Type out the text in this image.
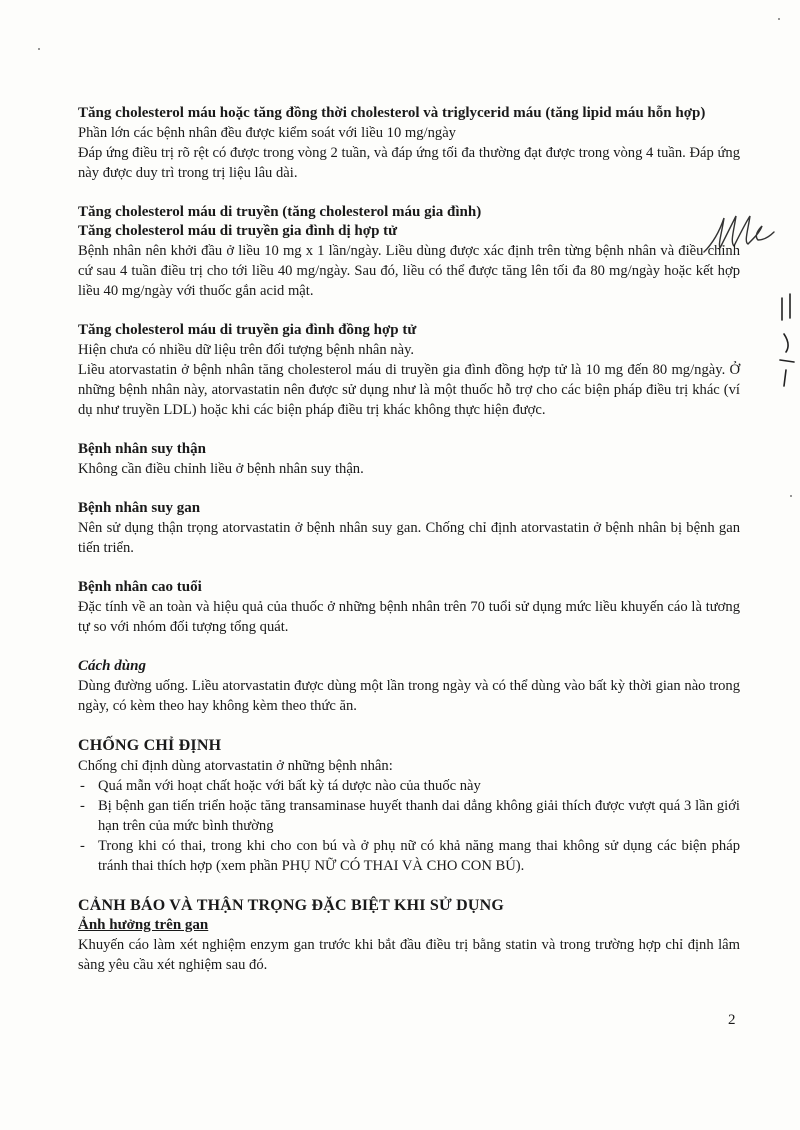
Tăng cholesterol máu hoặc tăng đồng thời cholesterol và triglycerid máu (tăng lipid máu hỗn hợp)

Phần lớn các bệnh nhân đều được kiểm soát với liều 10 mg/ngày

Đáp ứng điều trị rõ rệt có được trong vòng 2 tuần, và đáp ứng tối đa thường đạt được trong vòng 4 tuần. Đáp ứng này được duy trì trong trị liệu lâu dài.

Tăng cholesterol máu di truyền (tăng cholesterol máu gia đình)

Tăng cholesterol máu di truyền gia đình dị hợp tử

Bệnh nhân nên khởi đầu ở liều 10 mg x 1 lần/ngày. Liều dùng được xác định trên từng bệnh nhân và điều chỉnh cứ sau 4 tuần điều trị cho tới liều 40 mg/ngày. Sau đó, liều có thể được tăng lên tối đa 80 mg/ngày hoặc kết hợp liều 40 mg/ngày với thuốc gắn acid mật.

Tăng cholesterol máu di truyền gia đình đồng hợp tử

Hiện chưa có nhiều dữ liệu trên đối tượng bệnh nhân này.

Liều atorvastatin ở bệnh nhân tăng cholesterol máu di truyền gia đình đồng hợp tử là 10 mg đến 80 mg/ngày. Ở những bệnh nhân này, atorvastatin nên được sử dụng như là một thuốc hỗ trợ cho các biện pháp điều trị khác (ví dụ như truyền LDL) hoặc khi các biện pháp điều trị khác không thực hiện được.

Bệnh nhân suy thận

Không cần điều chỉnh liều ở bệnh nhân suy thận.

Bệnh nhân suy gan

Nên sử dụng thận trọng atorvastatin ở bệnh nhân suy gan. Chống chỉ định atorvastatin ở bệnh nhân bị bệnh gan tiến triển.

Bệnh nhân cao tuổi

Đặc tính về an toàn và hiệu quả của thuốc ở những bệnh nhân trên 70 tuổi sử dụng mức liều khuyến cáo là tương tự so với nhóm đối tượng tổng quát.

Cách dùng

Dùng đường uống. Liều atorvastatin được dùng một lần trong ngày và có thể dùng vào bất kỳ thời gian nào trong ngày, có kèm theo hay không kèm theo thức ăn.

CHỐNG CHỈ ĐỊNH

Chống chỉ định dùng atorvastatin ở những bệnh nhân:

- Quá mẫn với hoạt chất hoặc với bất kỳ tá dược nào của thuốc này
- Bị bệnh gan tiến triển hoặc tăng transaminase huyết thanh dai dẳng không giải thích được vượt quá 3 lần giới hạn trên của mức bình thường
- Trong khi có thai, trong khi cho con bú và ở phụ nữ có khả năng mang thai không sử dụng các biện pháp tránh thai thích hợp (xem phần PHỤ NỮ CÓ THAI VÀ CHO CON BÚ).

CẢNH BÁO VÀ THẬN TRỌNG ĐẶC BIỆT KHI SỬ DỤNG

Ảnh hưởng trên gan

Khuyến cáo làm xét nghiệm enzym gan trước khi bắt đầu điều trị bằng statin và trong trường hợp chỉ định lâm sàng yêu cầu xét nghiệm sau đó.

2
